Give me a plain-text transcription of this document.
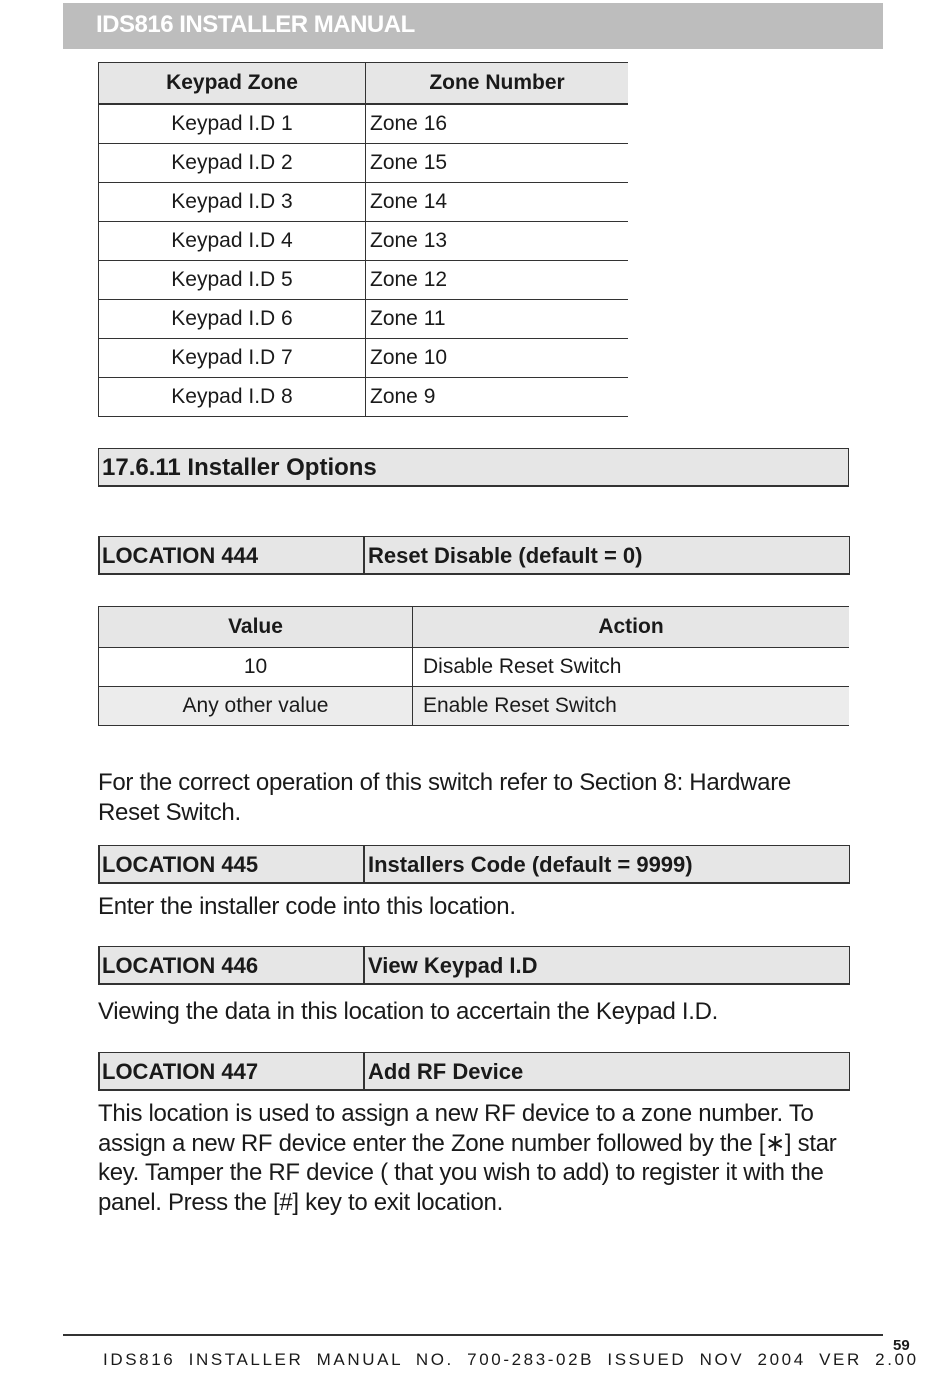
IDS816 INSTALLER MANUAL
Keypad Zone	Zone Number
Keypad I.D 1	Zone 16
Keypad I.D 2	Zone 15
Keypad I.D 3	Zone 14
Keypad I.D 4	Zone 13
Keypad I.D 5	Zone 12
Keypad I.D 6	Zone 11
Keypad I.D 7	Zone 10
Keypad I.D 8	Zone 9
17.6.11 Installer Options
LOCATION 444	Reset Disable (default = 0)
Value	Action
10	Disable Reset Switch
Any other value	Enable Reset Switch
For the correct operation of this switch refer to Section 8: Hardware Reset Switch.
LOCATION 445	Installers Code (default = 9999)
Enter the installer code into this location.
LOCATION 446	View Keypad I.D
Viewing the data in this location to accertain the Keypad I.D.
LOCATION 447	Add RF Device
This location is used to assign a new RF device to a zone number. To assign a new RF device enter the Zone number followed by the [∗] star key. Tamper the RF device ( that you wish to add) to register it with the panel. Press the [#] key to exit location.
59
IDS816 INSTALLER MANUAL NO. 700-283-02B ISSUED NOV 2004 VER 2.00
